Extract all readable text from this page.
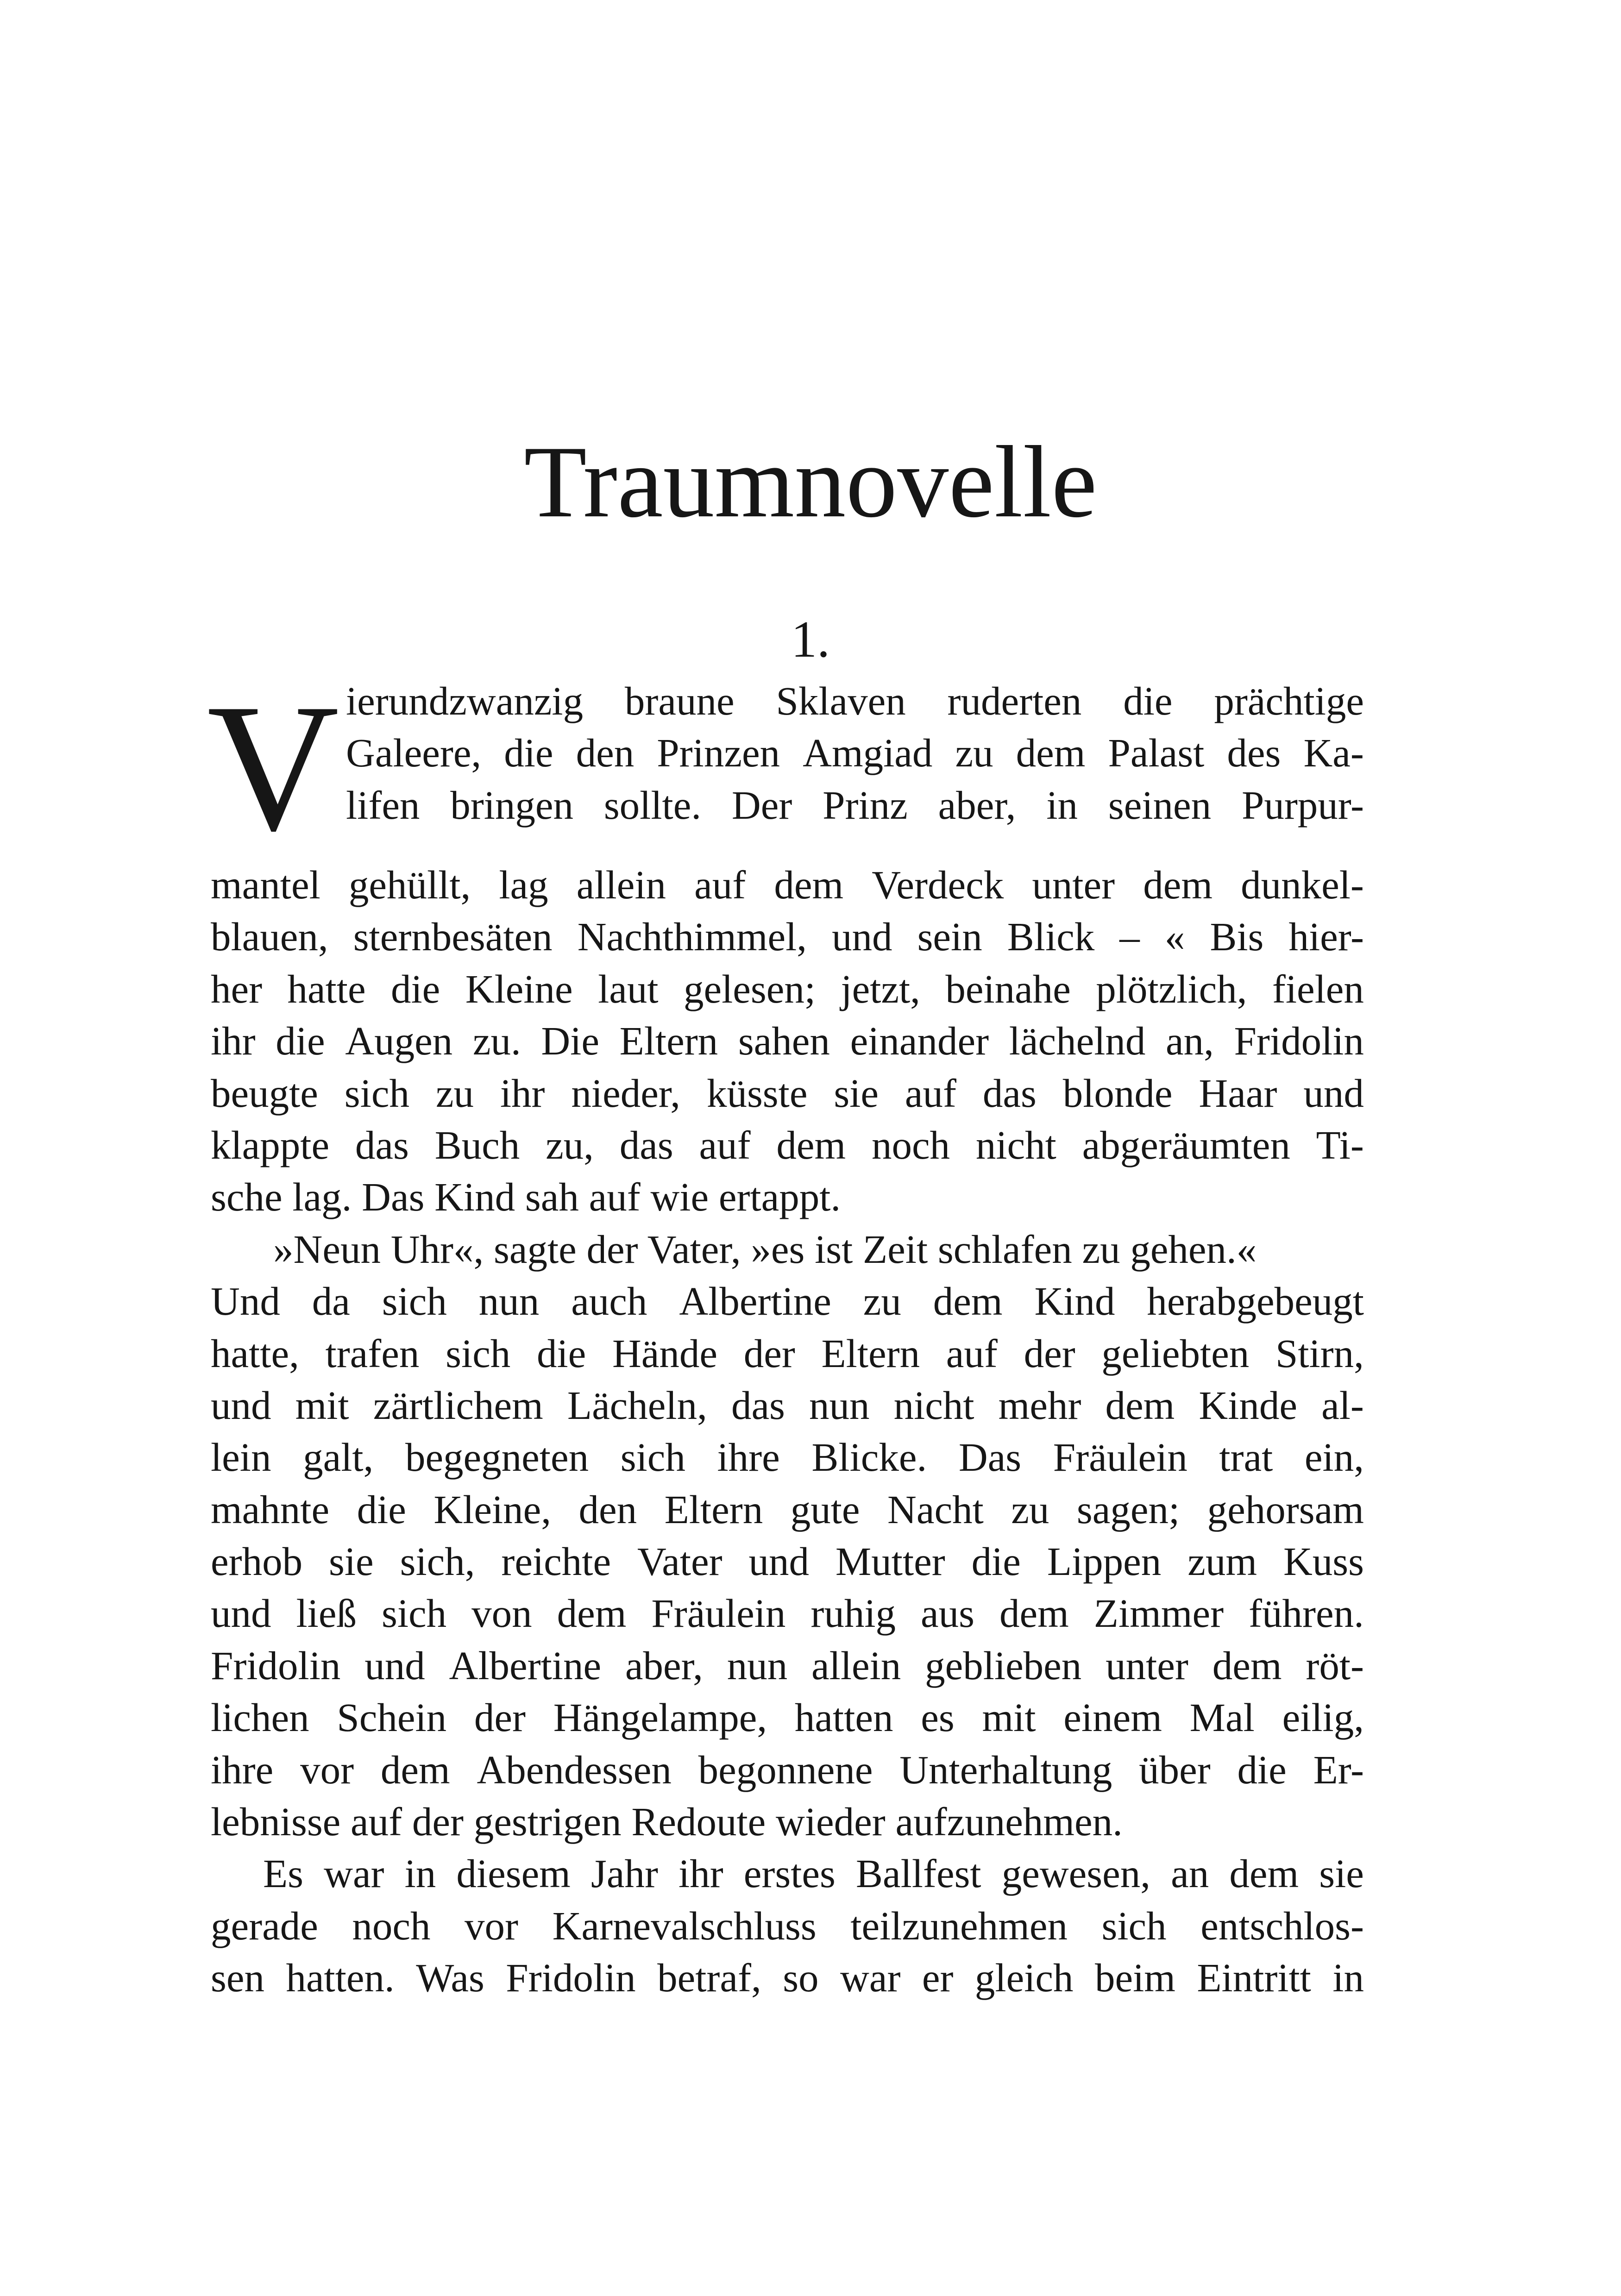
Traumnovelle
1.
V ierundzwanzig braune Sklaven ruderten die prächtige
Galeere, die den Prinzen Amgiad zu dem Palast des Ka-
lifen bringen sollte. Der Prinz aber, in seinen Purpur-
mantel gehüllt, lag allein auf dem Verdeck unter dem dunkel-
blauen, sternbesäten Nachthimmel, und sein Blick – « Bis hier-
her hatte die Kleine laut gelesen; jetzt, beinahe plötzlich, fielen
ihr die Augen zu. Die Eltern sahen einander lächelnd an, Fridolin
beugte sich zu ihr nieder, küsste sie auf das blonde Haar und
klappte das Buch zu, das auf dem noch nicht abgeräumten Ti-
sche lag. Das Kind sah auf wie ertappt.
»Neun Uhr«, sagte der Vater, »es ist Zeit schlafen zu gehen.«
Und da sich nun auch Albertine zu dem Kind herabgebeugt
hatte, trafen sich die Hände der Eltern auf der geliebten Stirn,
und mit zärtlichem Lächeln, das nun nicht mehr dem Kinde al-
lein galt, begegneten sich ihre Blicke. Das Fräulein trat ein,
mahnte die Kleine, den Eltern gute Nacht zu sagen; gehorsam
erhob sie sich, reichte Vater und Mutter die Lippen zum Kuss
und ließ sich von dem Fräulein ruhig aus dem Zimmer führen.
Fridolin und Albertine aber, nun allein geblieben unter dem röt-
lichen Schein der Hängelampe, hatten es mit einem Mal eilig,
ihre vor dem Abendessen begonnene Unterhaltung über die Er-
lebnisse auf der gestrigen Redoute wieder aufzunehmen.
Es war in diesem Jahr ihr erstes Ballfest gewesen, an dem sie
gerade noch vor Karnevalschluss teilzunehmen sich entschlos-
sen hatten. Was Fridolin betraf, so war er gleich beim Eintritt in
